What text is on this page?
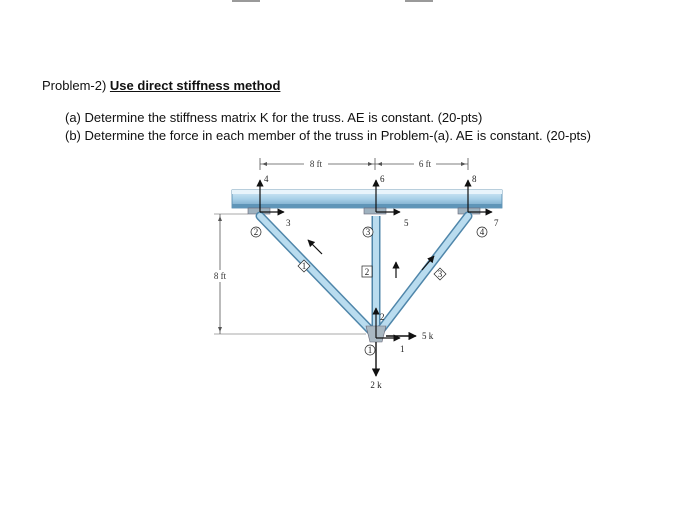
Problem-2) Use direct stiffness method
(a) Determine the stiffness matrix K for the truss. AE is constant. (20-pts)
(b) Determine the force in each member of the truss in Problem-(a). AE is constant. (20-pts)
8 ft	6 ft
8 ft
2 k
5 k
2	3	4
1
1
2	3
4
3
6
5
8
7
2
1
